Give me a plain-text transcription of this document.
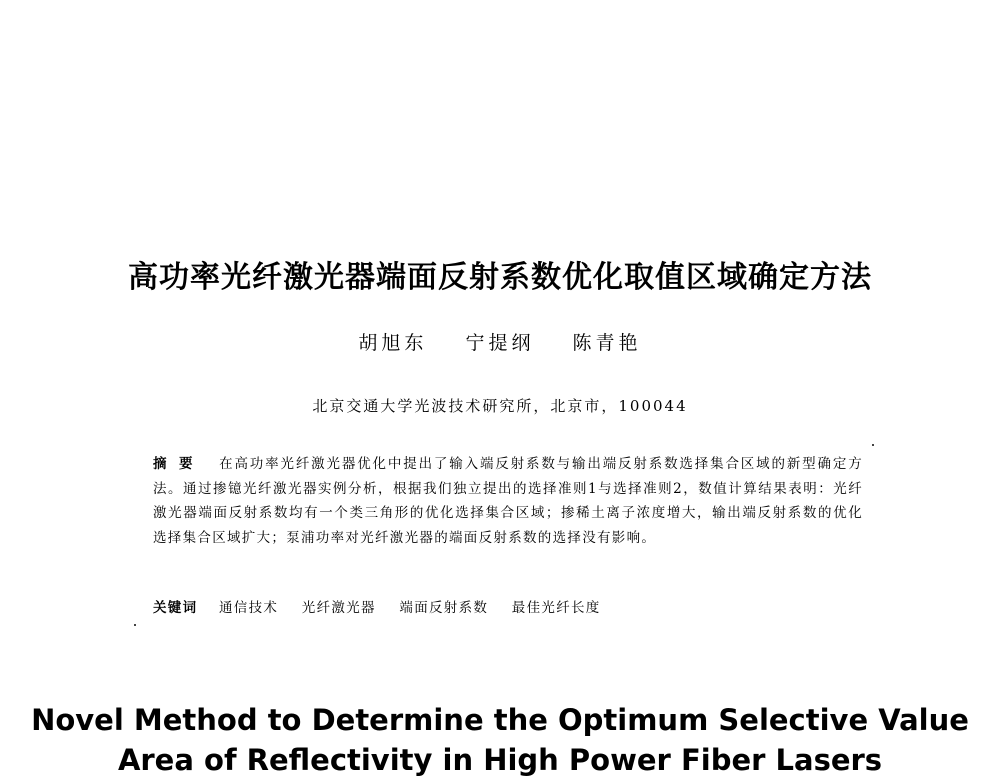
高功率光纤激光器端面反射系数优化取值区域确定方法
胡旭东 宁提纲 陈青艳
北京交通大学光波技术研究所，北京市，100044
摘要 在高功率光纤激光器优化中提出了输入端反射系数与输出端反射系数选择集合区域的新型确定方法。通过掺镱光纤激光器实例分析，根据我们独立提出的选择准则1与选择准则2，数值计算结果表明：光纤激光器端面反射系数均有一个类三角形的优化选择集合区域；掺稀土离子浓度增大，输出端反射系数的优化选择集合区域扩大；泵浦功率对光纤激光器的端面反射系数的选择没有影响。
关键词 通信技术 光纤激光器 端面反射系数 最佳光纤长度
Novel Method to Determine the Optimum Selective Value
Area of Reflectivity in High Power Fiber Lasers
